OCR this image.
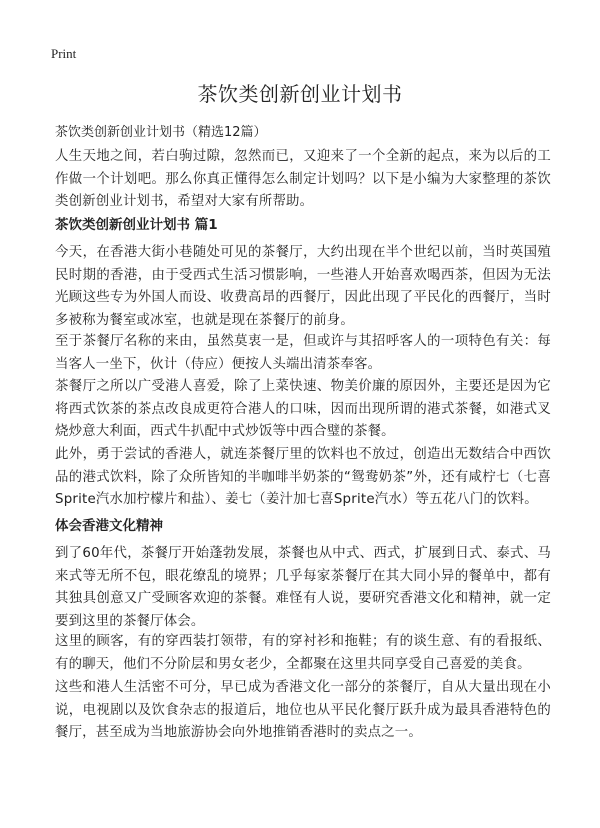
Print
茶饮类创新创业计划书
茶饮类创新创业计划书（精选12篇）

人生天地之间，若白驹过隙，忽然而已，又迎来了一个全新的起点，来为以后的工作做一个计划吧。那么你真正懂得怎么制定计划吗？以下是小编为大家整理的茶饮类创新创业计划书，希望对大家有所帮助。

茶饮类创新创业计划书 篇1

今天，在香港大街小巷随处可见的茶餐厅，大约出现在半个世纪以前，当时英国殖民时期的香港，由于受西式生活习惯影响，一些港人开始喜欢喝西茶，但因为无法光顾这些专为外国人而设、收费高昂的西餐厅，因此出现了平民化的西餐厅，当时多被称为餐室或冰室，也就是现在茶餐厅的前身。

至于茶餐厅名称的来由，虽然莫衷一是，但或许与其招呼客人的一项特色有关：每当客人一坐下，伙计（侍应）便按人头端出清茶奉客。

茶餐厅之所以广受港人喜爱，除了上菜快速、物美价廉的原因外，主要还是因为它将西式饮茶的茶点改良成更符合港人的口味，因而出现所谓的港式茶餐，如港式叉烧炒意大利面，西式牛扒配中式炒饭等中西合璧的茶餐。

此外，勇于尝试的香港人，就连茶餐厅里的饮料也不放过，创造出无数结合中西饮品的港式饮料，除了众所皆知的半咖啡半奶茶的“鸳鸯奶茶”外，还有咸柠七（七喜Sprite汽水加柠檬片和盐）、姜七（姜汁加七喜Sprite汽水）等五花八门的饮料。

体会香港文化精神

到了60年代，茶餐厅开始蓬勃发展，茶餐也从中式、西式，扩展到日式、泰式、马来式等无所不包，眼花缭乱的境界；几乎每家茶餐厅在其大同小异的餐单中，都有其独具创意又广受顾客欢迎的茶餐。难怪有人说，要研究香港文化和精神，就一定要到这里的茶餐厅体会。

这里的顾客，有的穿西装打领带，有的穿衬衫和拖鞋；有的谈生意、有的看报纸、有的聊天，他们不分阶层和男女老少，全都聚在这里共同享受自己喜爱的美食。

这些和港人生活密不可分，早已成为香港文化一部分的茶餐厅，自从大量出现在小说，电视剧以及饮食杂志的报道后，地位也从平民化餐厅跃升成为最具香港特色的餐厅，甚至成为当地旅游协会向外地推销香港时的卖点之一。
